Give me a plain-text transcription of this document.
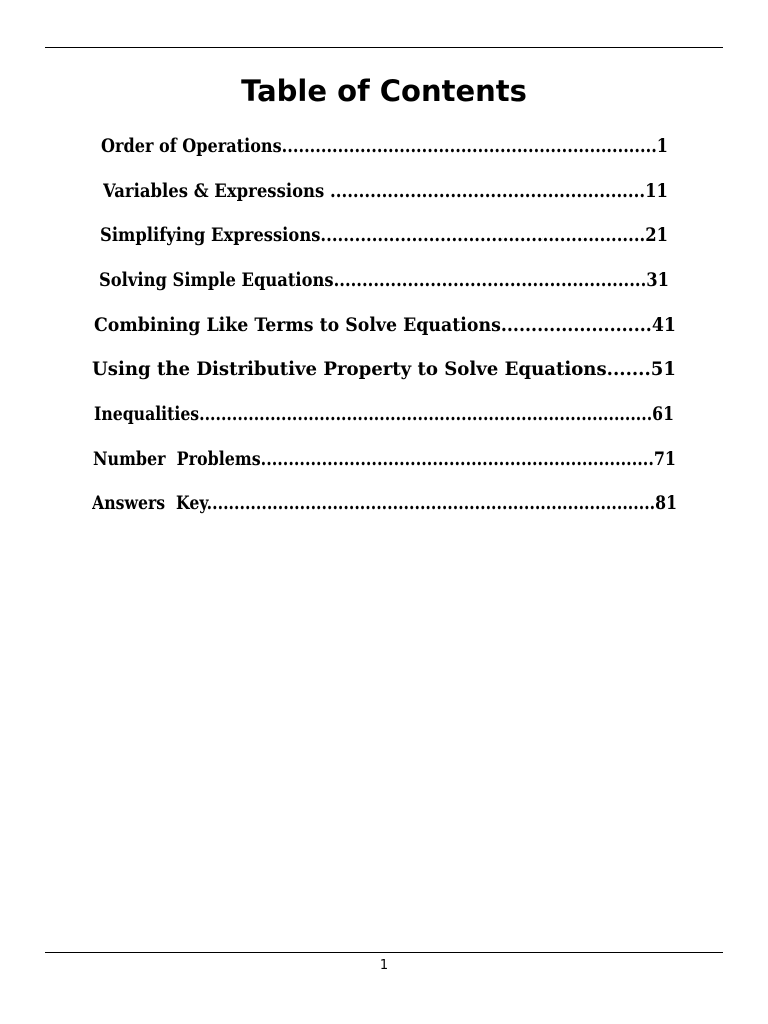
Table of Contents
Order of Operations...................................................................1
Variables & Expressions .......................................................11
Simplifying Expressions.........................................................21
Solving Simple Equations.......................................................31
Combining Like Terms to Solve Equations.........................41
Using the Distributive Property to Solve Equations.......51
Inequalities...................................................................................61
Number  Problems.......................................................................71
Answers  Key..................................................................................81
1
